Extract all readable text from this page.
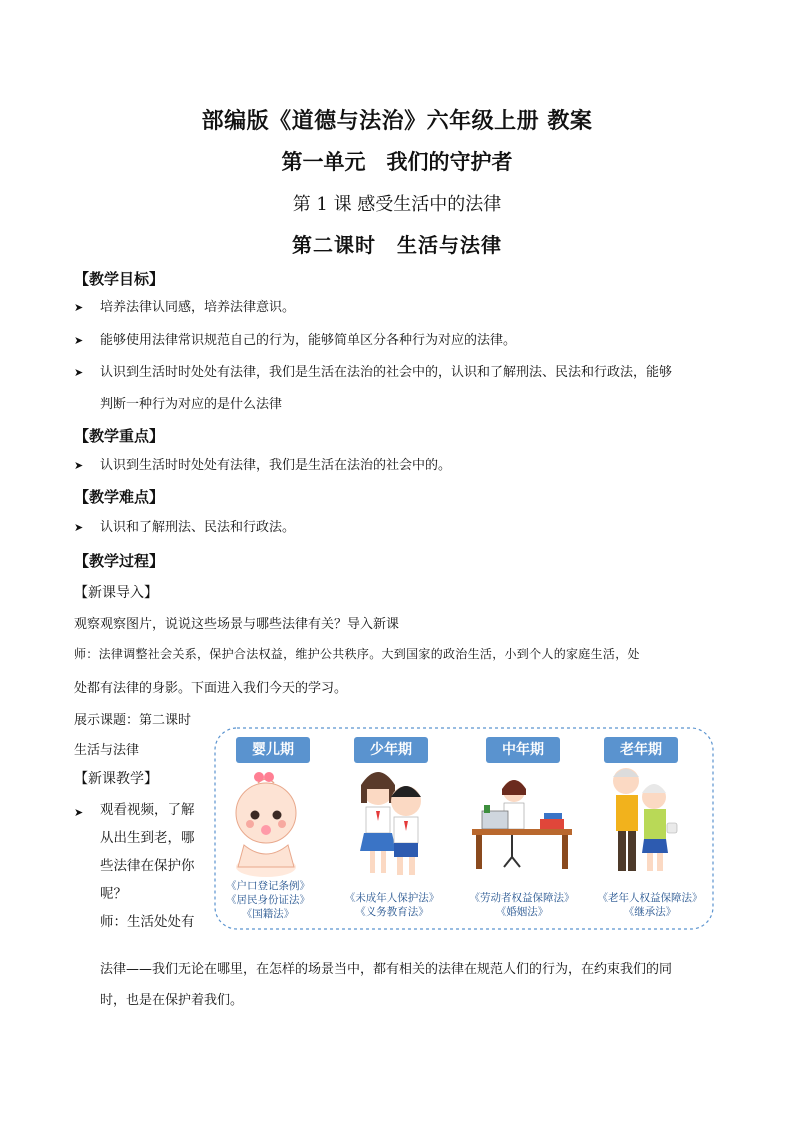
部编版《道德与法治》六年级上册 教案
第一单元　我们的守护者
第 1 课 感受生活中的法律
第二课时　生活与法律
【教学目标】
➤ 培养法律认同感，培养法律意识。
➤ 能够使用法律常识规范自己的行为，能够简单区分各种行为对应的法律。
➤ 认识到生活时时处处有法律，我们是生活在法治的社会中的，认识和了解刑法、民法和行政法，能够
判断一种行为对应的是什么法律
【教学重点】
➤ 认识到生活时时处处有法律，我们是生活在法治的社会中的。
【教学难点】
➤ 认识和了解刑法、民法和行政法。
【教学过程】
【新课导入】
观察观察图片，说说这些场景与哪些法律有关？导入新课
师：法律调整社会关系，保护合法权益，维护公共秩序。大到国家的政治生活，小到个人的家庭生活，处
处都有法律的身影。下面进入我们今天的学习。
展示课题：第二课时
生活与法律
【新课教学】
➤ 观看视频，了解
从出生到老，哪
些法律在保护你
呢？
师：生活处处有
法律——我们无论在哪里，在怎样的场景当中，都有相关的法律在规范人们的行为，在约束我们的同
时，也是在保护着我们。
婴儿期	少年期	中年期	老年期
《户口登记条例》
《居民身份证法》
《国籍法》
《未成年人保护法》
《义务教育法》
《劳动者权益保障法》
《婚姻法》
《老年人权益保障法》
《继承法》
